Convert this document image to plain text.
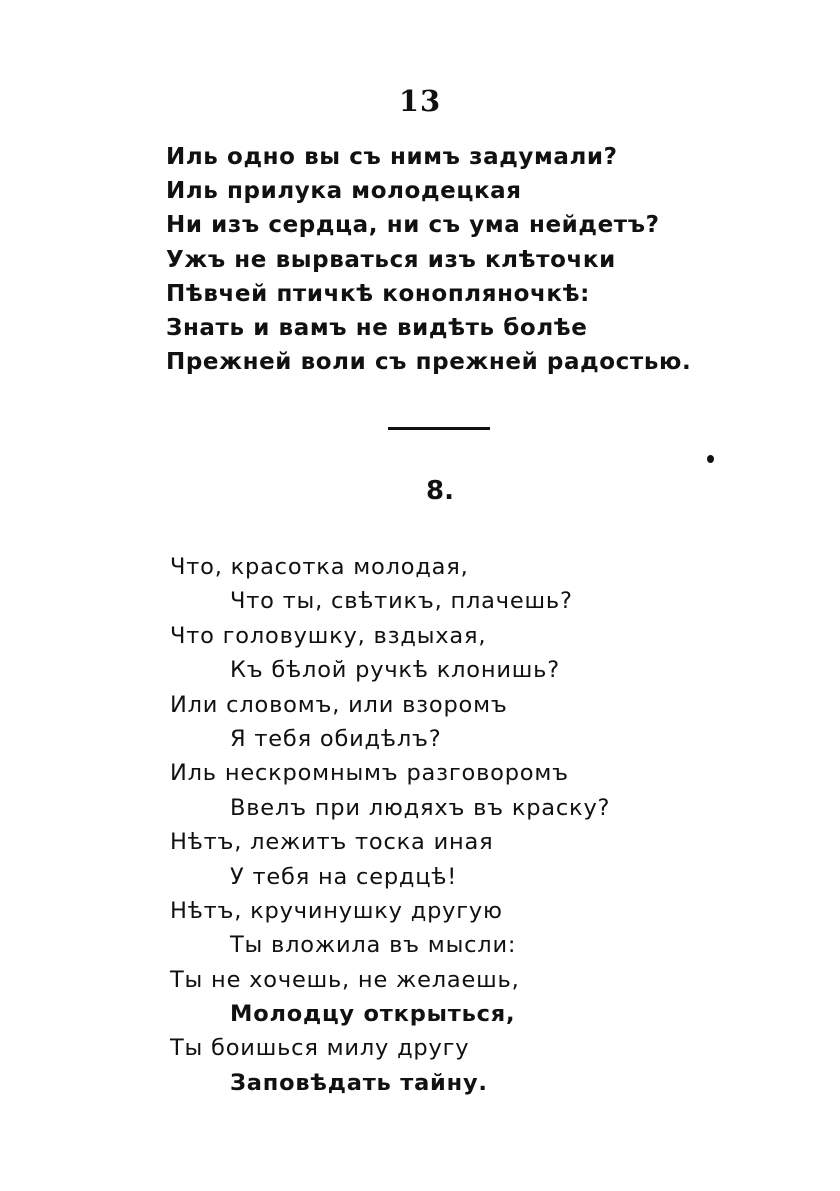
13
Иль одно вы съ нимъ задумали?
Иль прилука молодецкая
Ни изъ сердца, ни съ ума нейдетъ?
Ужъ не вырваться изъ клѣточки
Пѣвчей птичкѣ коноплянoчкѣ:
Знать и вамъ не видѣть болѣе
Прежней воли съ прежней радостью.
8.
Что, красотка молодая,
Что ты, свѣтикъ, плачешь?
Что головушку, вздыхая,
Къ бѣлой ручкѣ клонишь?
Или словомъ, или взоромъ
Я тебя обидѣлъ?
Иль нескромнымъ разговоромъ
Ввелъ при людяхъ въ краску?
Нѣтъ, лежитъ тоска иная
У тебя на сердцѣ!
Нѣтъ, кручинушку другую
Ты вложила въ мысли:
Ты не хочешь, не желаешь,
Молодцу открыться,
Ты боишься милу другу
Заповѣдать тайну.
